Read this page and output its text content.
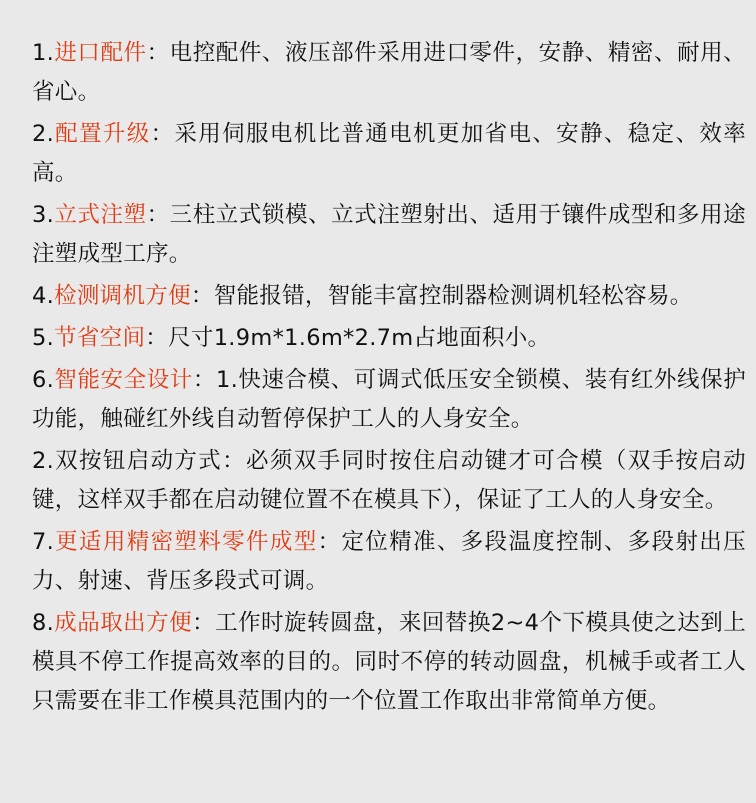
1.进口配件：电控配件、液压部件采用进口零件，安静、精密、耐用、省心。

2.配置升级：采用伺服电机比普通电机更加省电、安静、稳定、效率高。

3.立式注塑：三柱立式锁模、立式注塑射出、适用于镶件成型和多用途注塑成型工序。

4.检测调机方便：智能报错，智能丰富控制器检测调机轻松容易。

5.节省空间：尺寸1.9m*1.6m*2.7m占地面积小。

6.智能安全设计：1.快速合模、可调式低压安全锁模、装有红外线保护功能，触碰红外线自动暂停保护工人的人身安全。

2.双按钮启动方式：必须双手同时按住启动键才可合模（双手按启动键，这样双手都在启动键位置不在模具下），保证了工人的人身安全。

7.更适用精密塑料零件成型：定位精准、多段温度控制、多段射出压力、射速、背压多段式可调。

8.成品取出方便：工作时旋转圆盘，来回替换2~4个下模具使之达到上模具不停工作提高效率的目的。同时不停的转动圆盘，机械手或者工人只需要在非工作模具范围内的一个位置工作取出非常简单方便。
